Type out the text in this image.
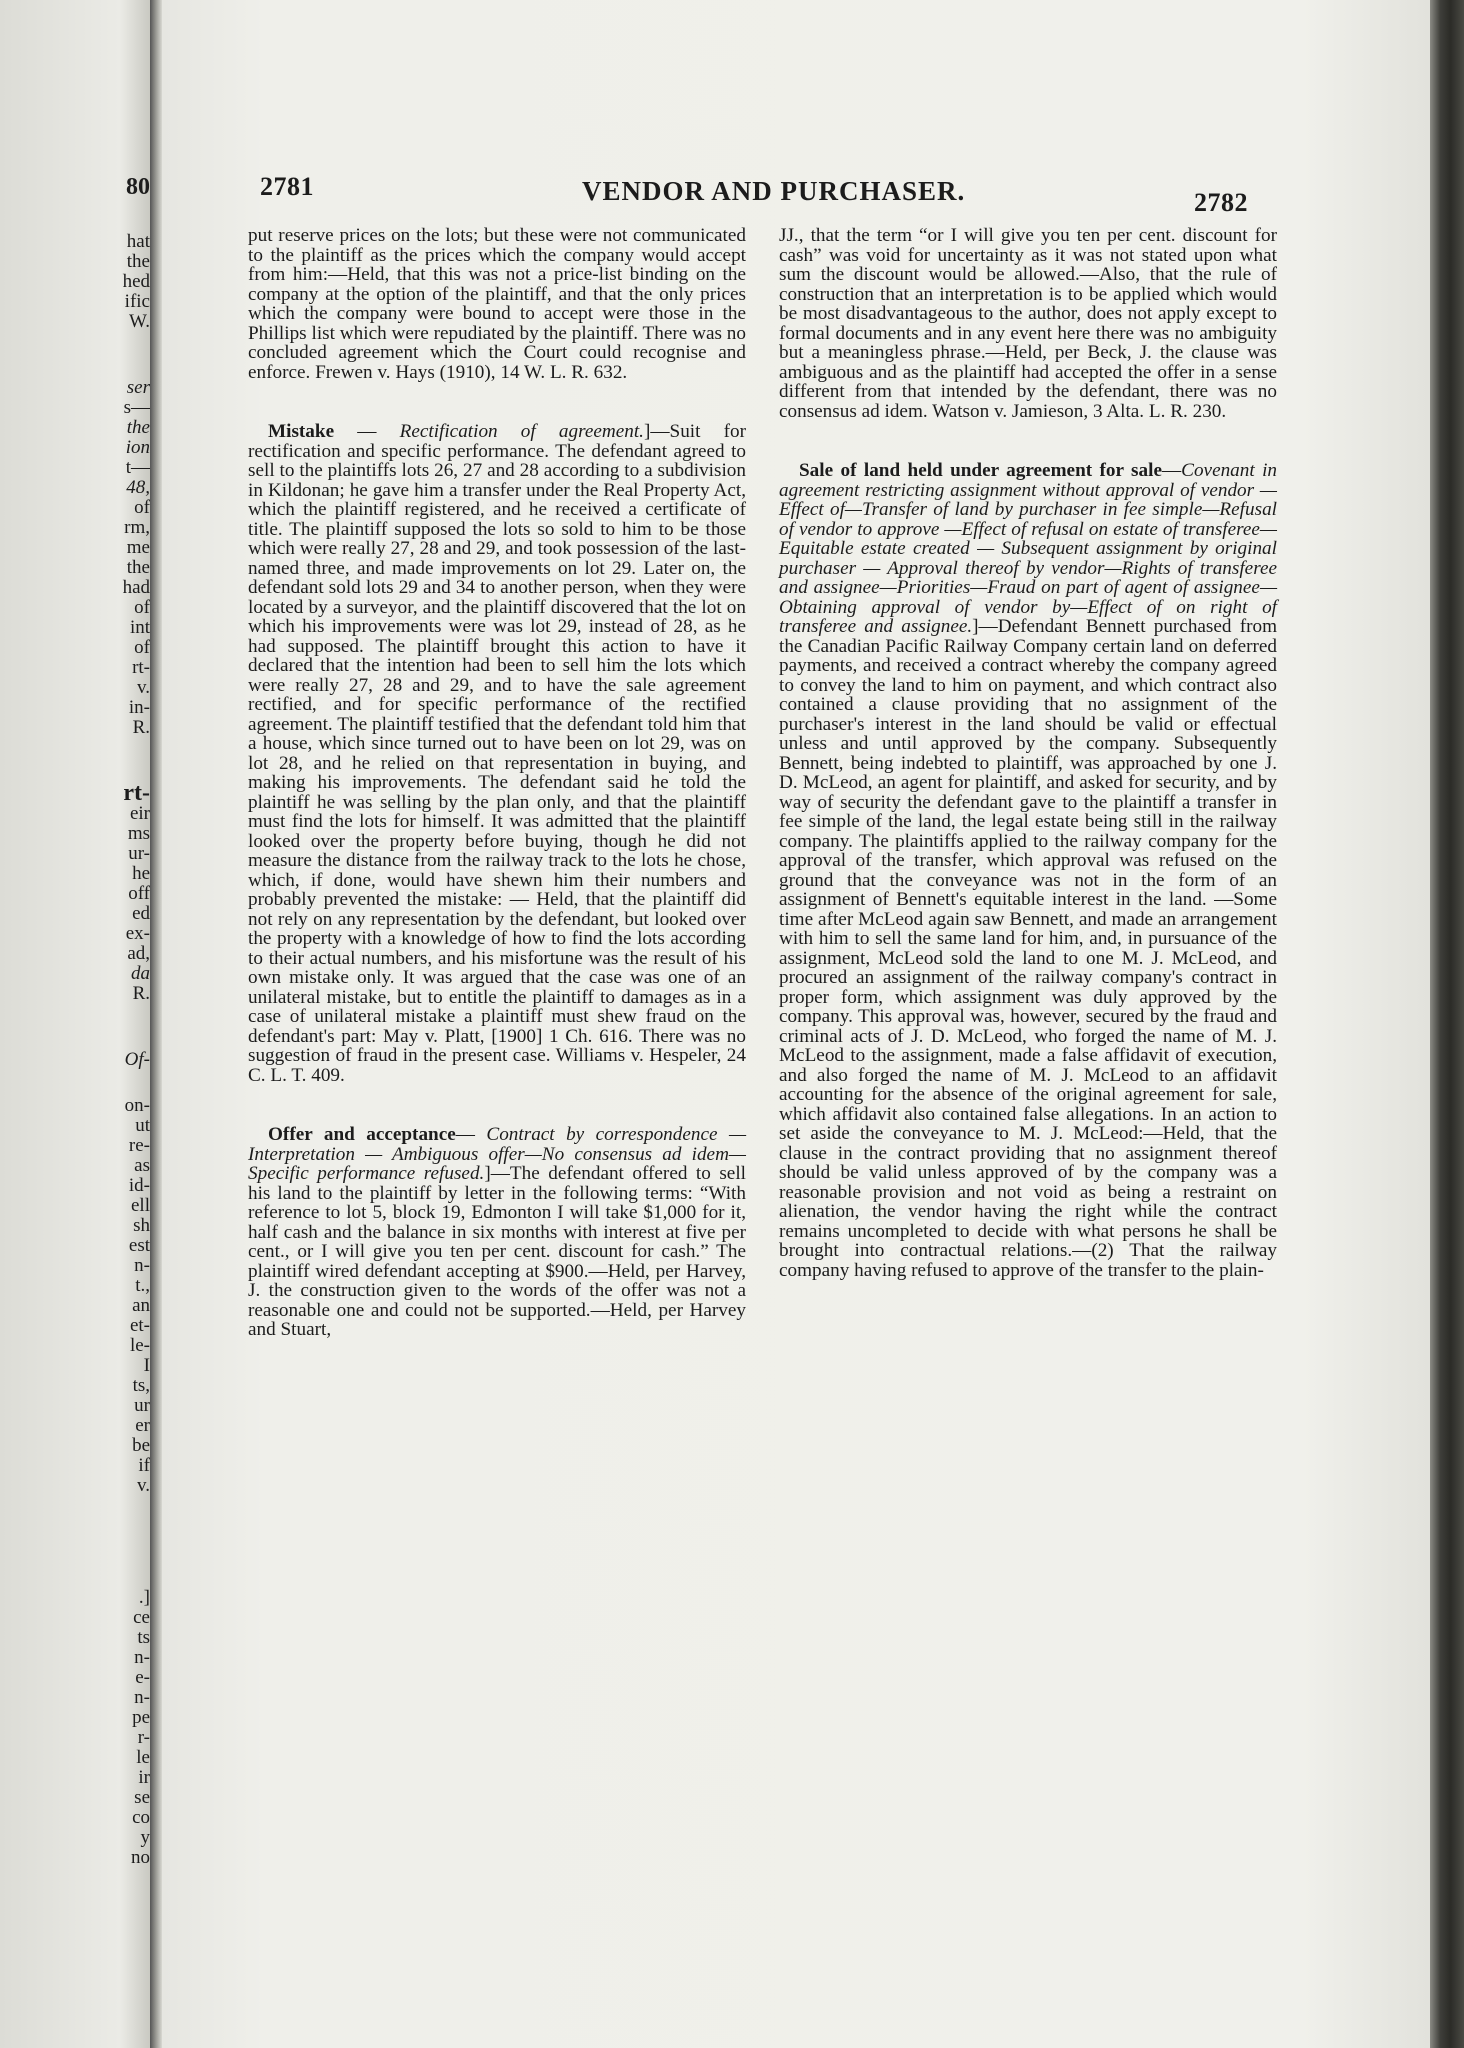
80
hat
the
hed
ific
W.
ser
s—
the
ion
t—
48,
of
rm,
me
the
had
of
int
of
rt-
v.
in-
R.
rt-
eir
ms
ur-
he
off
ed
ex-
ad,
da
R.
Of-
on-
ut
re-
as
id-
ell
sh
est
n-
t.,
an
et-
le-
I
ts,
ur
er
be
if
v.
.]
ce
ts
n-
e-
n-
pe
r-
le
ir
se
co
y
no
2781	VENDOR AND PURCHASER.	2782

put reserve prices on the lots; but these were not communicated to the plaintiff as the prices which the company would accept from him:—Held, that this was not a price-list binding on the company at the option of the plaintiff, and that the only prices which the company were bound to accept were those in the Phillips list which were repudiated by the plaintiff. There was no concluded agreement which the Court could recognise and enforce. Frewen v. Hays (1910), 14 W. L. R. 632.

Mistake — Rectification of agreement.]—Suit for rectification and specific performance. The defendant agreed to sell to the plaintiffs lots 26, 27 and 28 according to a subdivision in Kildonan; he gave him a transfer under the Real Property Act, which the plaintiff registered, and he received a certificate of title. The plaintiff supposed the lots so sold to him to be those which were really 27, 28 and 29, and took possession of the last-named three, and made improvements on lot 29. Later on, the defendant sold lots 29 and 34 to another person, when they were located by a surveyor, and the plaintiff discovered that the lot on which his improvements were was lot 29, instead of 28, as he had supposed. The plaintiff brought this action to have it declared that the intention had been to sell him the lots which were really 27, 28 and 29, and to have the sale agreement rectified, and for specific performance of the rectified agreement. The plaintiff testified that the defendant told him that a house, which since turned out to have been on lot 29, was on lot 28, and he relied on that representation in buying, and making his improvements. The defendant said he told the plaintiff he was selling by the plan only, and that the plaintiff must find the lots for himself. It was admitted that the plaintiff looked over the property before buying, though he did not measure the distance from the railway track to the lots he chose, which, if done, would have shewn him their numbers and probably prevented the mistake: — Held, that the plaintiff did not rely on any representation by the defendant, but looked over the property with a knowledge of how to find the lots according to their actual numbers, and his misfortune was the result of his own mistake only. It was argued that the case was one of an unilateral mistake, but to entitle the plaintiff to damages as in a case of unilateral mistake a plaintiff must shew fraud on the defendant's part: May v. Platt, [1900] 1 Ch. 616. There was no suggestion of fraud in the present case. Williams v. Hespeler, 24 C. L. T. 409.

Offer and acceptance— Contract by correspondence — Interpretation — Ambiguous offer—No consensus ad idem—Specific performance refused.]—The defendant offered to sell his land to the plaintiff by letter in the following terms: “With reference to lot 5, block 19, Edmonton I will take $1,000 for it, half cash and the balance in six months with interest at five per cent., or I will give you ten per cent. discount for cash.” The plaintiff wired defendant accepting at $900.—Held, per Harvey, J. the construction given to the words of the offer was not a reasonable one and could not be supported.—Held, per Harvey and Stuart,

JJ., that the term “or I will give you ten per cent. discount for cash” was void for uncertainty as it was not stated upon what sum the discount would be allowed.—Also, that the rule of construction that an interpretation is to be applied which would be most disadvantageous to the author, does not apply except to formal documents and in any event here there was no ambiguity but a meaningless phrase.—Held, per Beck, J. the clause was ambiguous and as the plaintiff had accepted the offer in a sense different from that intended by the defendant, there was no consensus ad idem. Watson v. Jamieson, 3 Alta. L. R. 230.

Sale of land held under agreement for sale—Covenant in agreement restricting assignment without approval of vendor —Effect of—Transfer of land by purchaser in fee simple—Refusal of vendor to approve —Effect of refusal on estate of transferee—Equitable estate created — Subsequent assignment by original purchaser — Approval thereof by vendor—Rights of transferee and assignee—Priorities—Fraud on part of agent of assignee—Obtaining approval of vendor by—Effect of on right of transferee and assignee.]—Defendant Bennett purchased from the Canadian Pacific Railway Company certain land on deferred payments, and received a contract whereby the company agreed to convey the land to him on payment, and which contract also contained a clause providing that no assignment of the purchaser's interest in the land should be valid or effectual unless and until approved by the company. Subsequently Bennett, being indebted to plaintiff, was approached by one J. D. McLeod, an agent for plaintiff, and asked for security, and by way of security the defendant gave to the plaintiff a transfer in fee simple of the land, the legal estate being still in the railway company. The plaintiffs applied to the railway company for the approval of the transfer, which approval was refused on the ground that the conveyance was not in the form of an assignment of Bennett's equitable interest in the land. —Some time after McLeod again saw Bennett, and made an arrangement with him to sell the same land for him, and, in pursuance of the assignment, McLeod sold the land to one M. J. McLeod, and procured an assignment of the railway company's contract in proper form, which assignment was duly approved by the company. This approval was, however, secured by the fraud and criminal acts of J. D. McLeod, who forged the name of M. J. McLeod to the assignment, made a false affidavit of execution, and also forged the name of M. J. McLeod to an affidavit accounting for the absence of the original agreement for sale, which affidavit also contained false allegations. In an action to set aside the conveyance to M. J. McLeod:—Held, that the clause in the contract providing that no assignment thereof should be valid unless approved of by the company was a reasonable provision and not void as being a restraint on alienation, the vendor having the right while the contract remains uncompleted to decide with what persons he shall be brought into contractual relations.—(2) That the railway company having refused to approve of the transfer to the plain-
